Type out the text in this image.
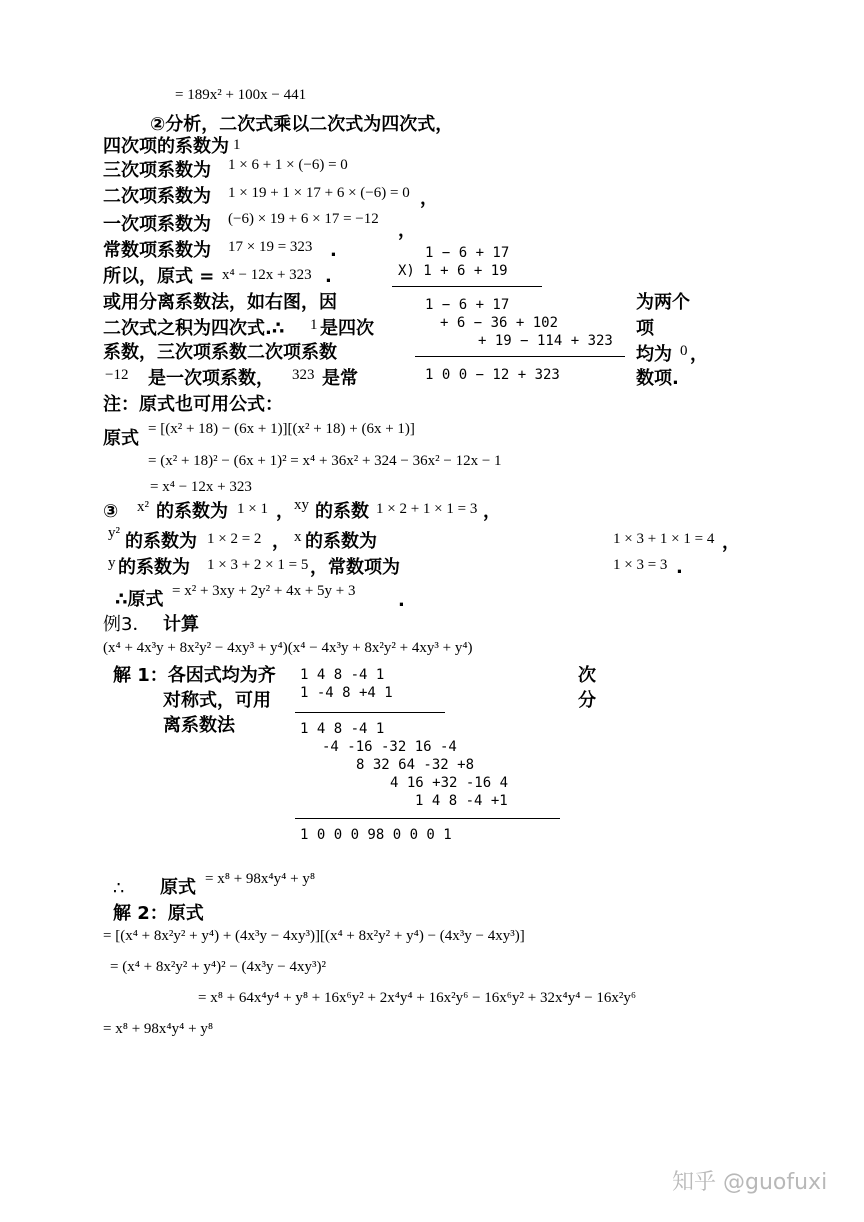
= 189x² + 100x − 441
②分析，二次式乘以二次式为四次式，
四次项的系数为 1
三次项系数为 1 × 6 + 1 × (−6) = 0
二次项系数为 1 × 19 + 1 × 17 + 6 × (−6) = 0 ，
一次项系数为 (−6) × 19 + 6 × 17 = −12
，
常数项系数为 17 × 19 = 323 .
所以，原式 = x⁴ − 12x + 323 .
或用分离系数法，如右图，因	为两个
二次式之积为四次式.∴ 1 是四次	项
系数，三次项系数二次项系数	均为 0 ，
−12 是一次项系数， 323 是常	数项.
1 − 6 + 17
X) 1 + 6 + 19
1 − 6 + 17
+ 6 − 36 + 102
+ 19 − 114 + 323
1 0 0 − 12 + 323
注：原式也可用公式：
原式 = [(x² + 18) − (6x + 1)][(x² + 18) + (6x + 1)]
= (x² + 18)² − (6x + 1)² = x⁴ + 36x² + 324 − 36x² − 12x − 1
= x⁴ − 12x + 323
③ x² 的系数为 1 × 1 ， xy 的系数 1 × 2 + 1 × 1 = 3 ，
y² 的系数为 1 × 2 = 2 ， x 的系数为	1 × 3 + 1 × 1 = 4 ，
y 的系数为 1 × 3 + 2 × 1 = 5 ，常数项为	1 × 3 = 3 .
∴原式 = x² + 3xy + 2y² + 4x + 5y + 3 .
例3． 计算
(x⁴ + 4x³y + 8x²y² − 4xy³ + y⁴)(x⁴ − 4x³y + 8x²y² + 4xy³ + y⁴)
解 1：各因式均为齐	次
对称式，可用	分
离系数法
1 4 8 -4 1
1 -4 8 +4 1
1 4 8 -4 1
-4 -16 -32 16 -4
8 32 64 -32 +8
4 16 +32 -16 4
1 4 8 -4 +1
1 0 0 0 98 0 0 0 1
∴ 原式 = x⁸ + 98x⁴y⁴ + y⁸
解 2：原式
= [(x⁴ + 8x²y² + y⁴) + (4x³y − 4xy³)][(x⁴ + 8x²y² + y⁴) − (4x³y − 4xy³)]
= (x⁴ + 8x²y² + y⁴)² − (4x³y − 4xy³)²
= x⁸ + 64x⁴y⁴ + y⁸ + 16x⁶y² + 2x⁴y⁴ + 16x²y⁶ − 16x⁶y² + 32x⁴y⁴ − 16x²y⁶
= x⁸ + 98x⁴y⁴ + y⁸
知乎 @guofuxi
